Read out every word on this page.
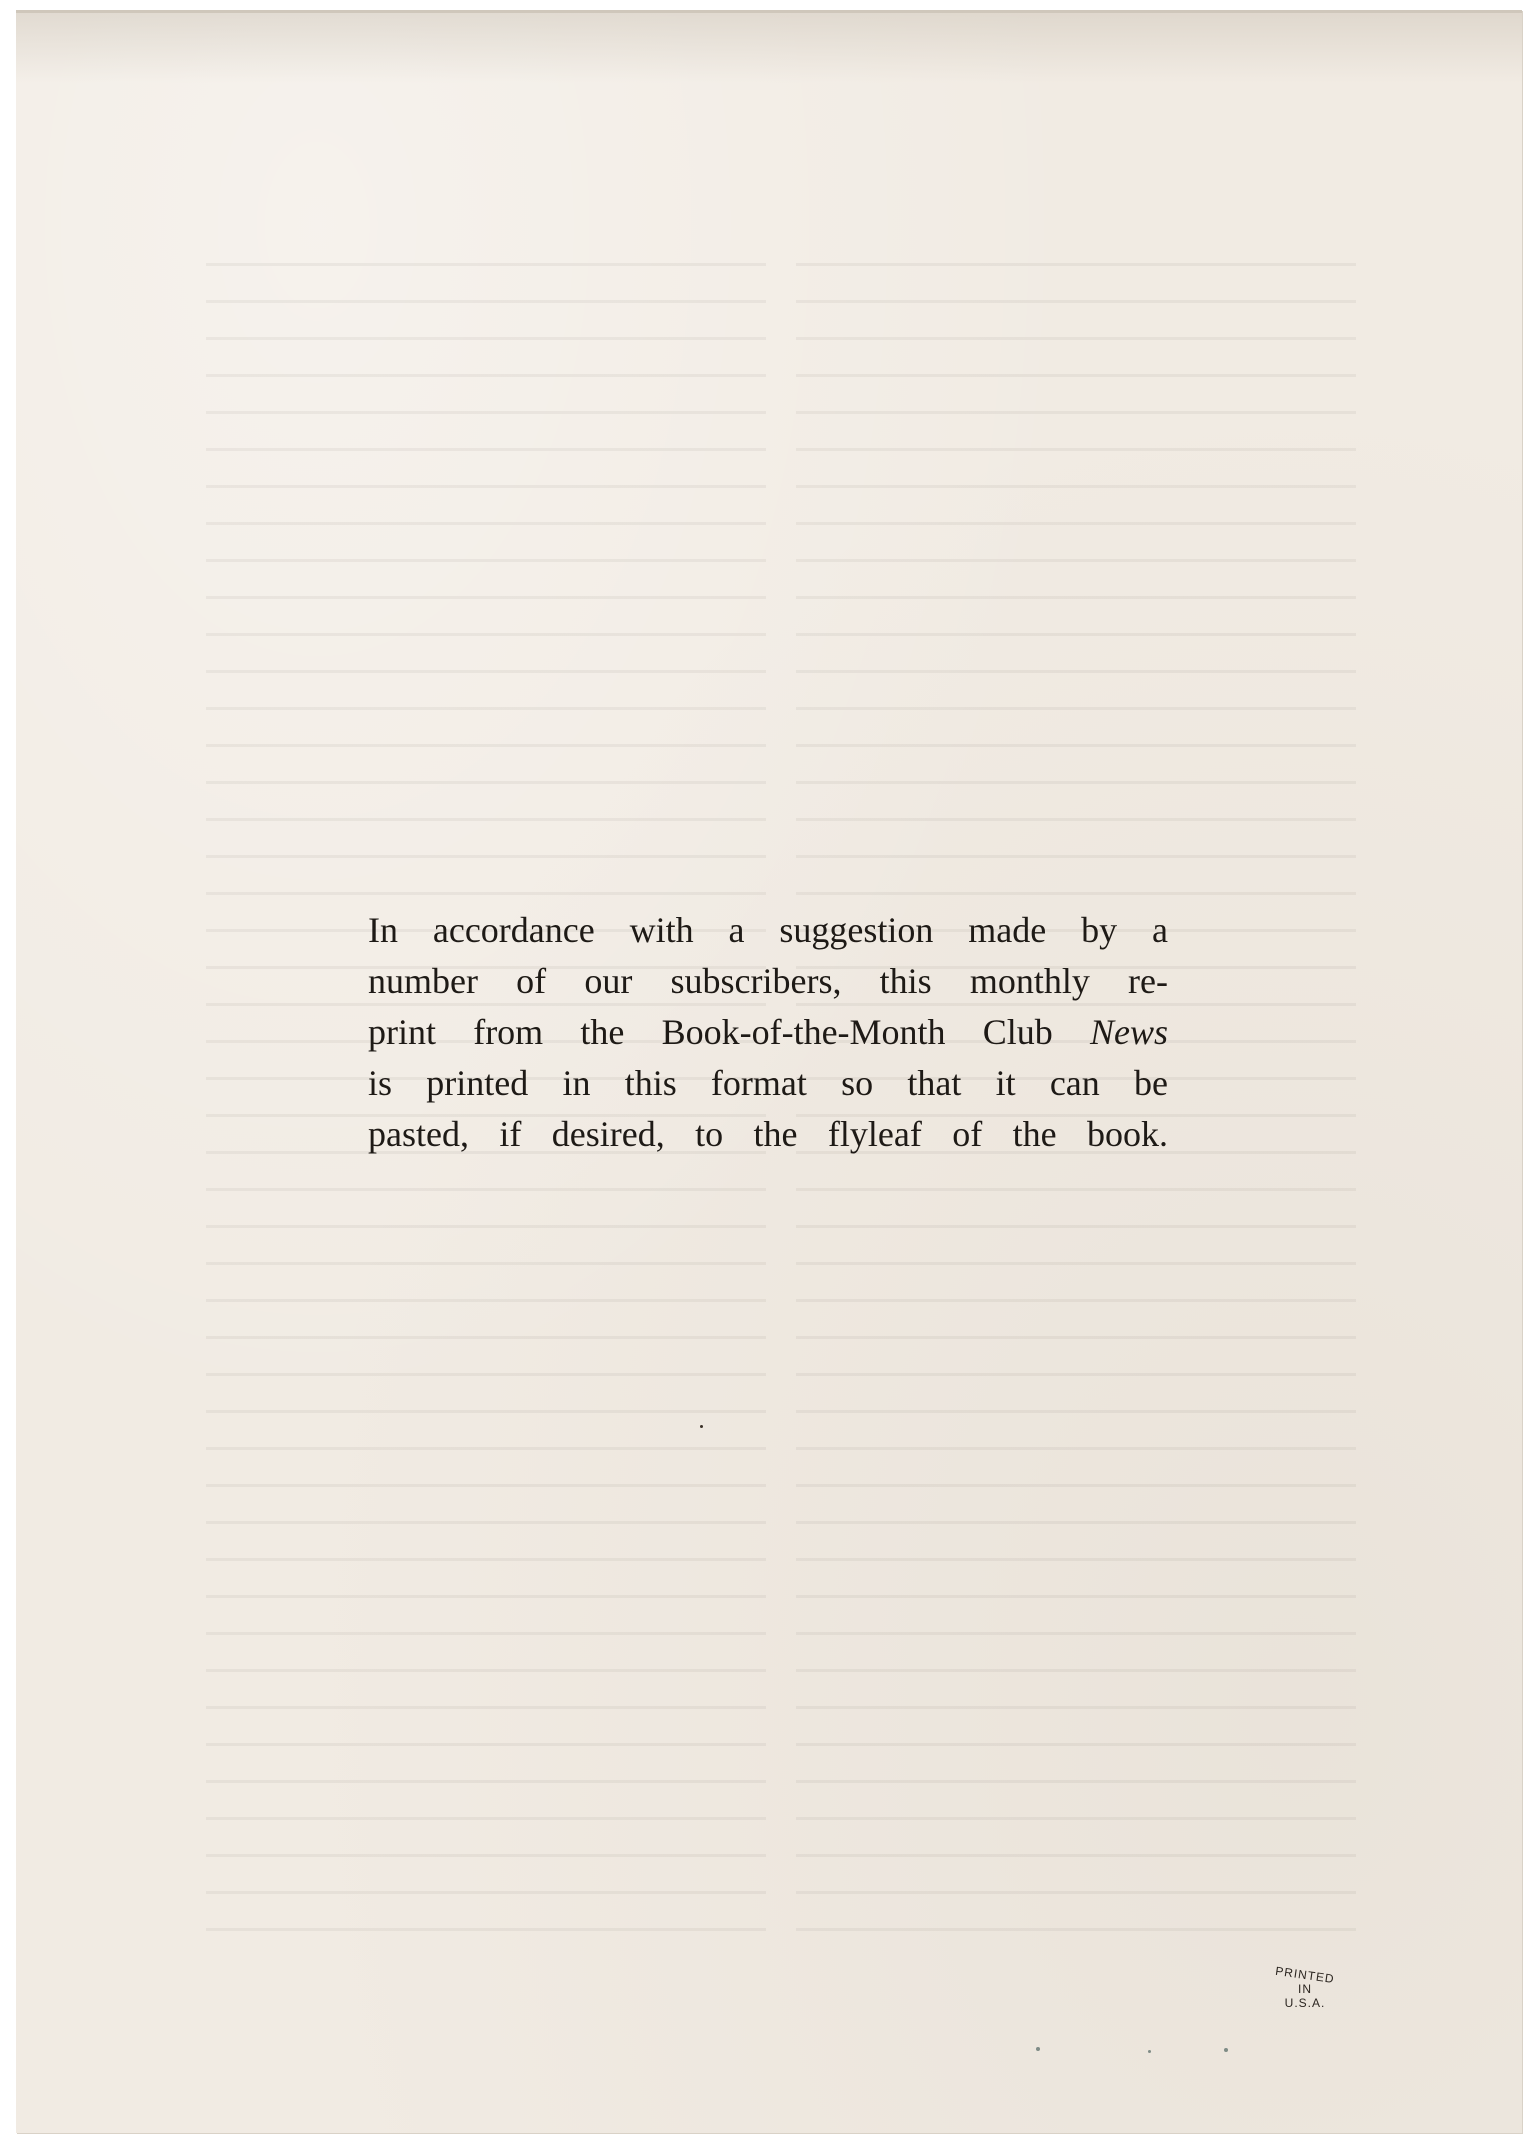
In accordance with a suggestion made by a
number of our subscribers, this monthly re-
print from the Book-of-the-Month Club News
is printed in this format so that it can be
pasted, if desired, to the flyleaf of the book.

PRINTED
IN
U.S.A.
